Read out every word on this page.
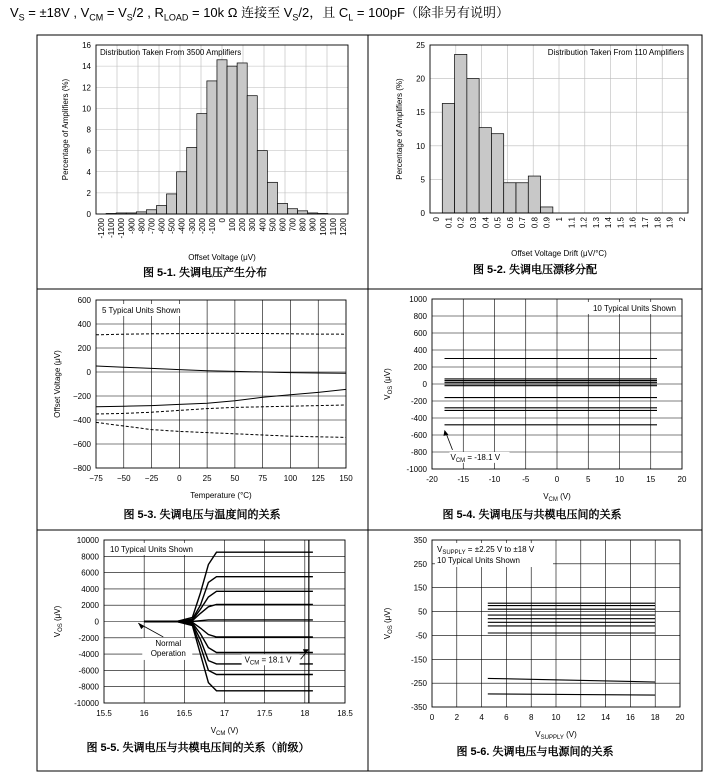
$V_S = \pm 18V$ , $V_{CM} = V_S/2$ , $R_{LOAD} = 10k$ Ω 连接至 $V_S/2$，且 $C_L = 100pF$（除非另有说明）
0
2
4
6
8
10
12
14
16
-1200 -1100 -1000 -900 -800 -700 -600 -500 -400 -300 -200 -100 0 100 200 300 400 500 600 700 800 900 1000 1100 1200
Distribution Taken From 3500 Amplifiers
Offset Voltage (μV)
Percentage of Amplifiers (%)
图 5-1. 失调电压产生分布
0
5
10
15
20
25
0 0.1 0.2 0.3 0.4 0.5 0.6 0.7 0.8 0.9 1 1.1 1.2 1.3 1.4 1.5 1.6 1.7 1.8 1.9 2
Distribution Taken From 110 Amplifiers
Offset Voltage Drift (μV/°C)
Percentage of Amplifiers (%)
图 5-2. 失调电压漂移分配
−75 −50 −25 0	25 50 75 100 125 150
−800
−600
−400
−200
0
200
400
600
Offset Voltage (μV)
Temperature (°C)
图 5-3. 失调电压与温度间的关系
5 Typical Units Shown
-20 -15 -10	-5	0	5	10	15	20
-1000
-800
-600
-400
-200
0
200
400
600
800
1000
$V_{OS}$ (μV)
$V_{CM}$ (V)
图 5-4. 失调电压与共模电压间的关系
10 Typical Units Shown
$V_{CM} = -18.1$ V
15.5	16	16.5	17	17.5	18	18.5
-10000
-8000
-6000
-4000
-2000
0
2000
4000
6000
8000
10000
$V_{OS}$ (μV)
$V_{CM}$ (V)
图 5-5. 失调电压与共模电压间的关系（前级）
10 Typical Units Shown
Normal
Operation
$V_{CM} = 18.1$ V
0	2	4	6	8 10 12 14 16 18 20
-350
-250
-150
-50
50
150
250
350
$V_{OS}$ (μV)
$V_{SUPPLY}$ (V)
图 5-6. 失调电压与电源间的关系
$V_{SUPPLY} = \pm 2.25$ V to ±18 V
10 Typical Units Shown
